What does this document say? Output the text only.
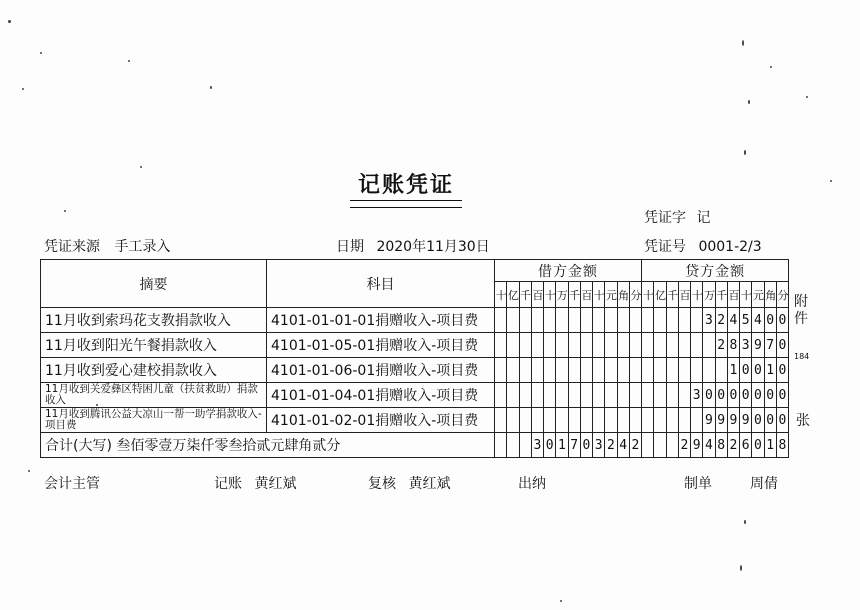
记账凭证
凭证字 记
凭证来源 手工录入	日期 2020年11月30日	凭证号 0001-2/3
摘要	科目	借方金额												贷方金额											
		十	亿	千	百	十	万	千	百	十	元	角	分	十	亿	千	百	十	万	千	百	十	元	角	分
11月收到索玛花支教捐款收入	4101-01-01-01捐赠收入-项目费																		3	2	4	5	4	0	0
11月收到阳光午餐捐款收入	4101-01-05-01捐赠收入-项目费																			2	8	3	9	7	0
11月收到爱心建校捐款收入	4101-01-06-01捐赠收入-项目费																				1	0	0	1	0
11月收到关爱彝区特困儿童（扶贫救助）捐款收入	4101-01-04-01捐赠收入-项目费																	3	0	0	0	0	0	0	0
11月收到腾讯公益大凉山一帮一助学捐款收入-项目费	4101-01-02-01捐赠收入-项目费																		9	9	9	9	0	0	0
合计(大写) 叁佰零壹万柒仟零叁拾贰元肆角贰分					3	0	1	7	0	3	2	4	2				2	9	4	8	2	6	0	1	8
会计主管	记账 黄红斌	复核 黄红斌	出纳	制单	周倩
附件
184
张
